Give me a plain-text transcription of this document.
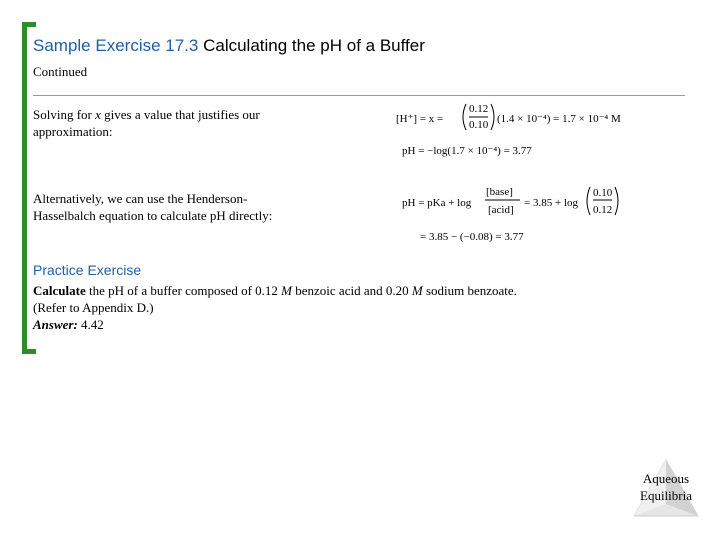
Sample Exercise 17.3 Calculating the pH of a Buffer
Continued
Solving for x gives a value that justifies our approximation:
Alternatively, we can use the Henderson-Hasselbalch equation to calculate pH directly:
[H⁺] = x =
0.12
0.10 (1.4 × 10⁻⁴) = 1.7 × 10⁻⁴ M
pH = −log(1.7 × 10⁻⁴) = 3.77
pH = pKa + log
[base]
[acid]
= 3.85 + log
0.10
0.12
= 3.85 − (−0.08) = 3.77
Practice Exercise
Calculate the pH of a buffer composed of 0.12 M benzoic acid and 0.20 M sodium benzoate.
(Refer to Appendix D.)
Answer: 4.42
Aqueous
Equilibria
